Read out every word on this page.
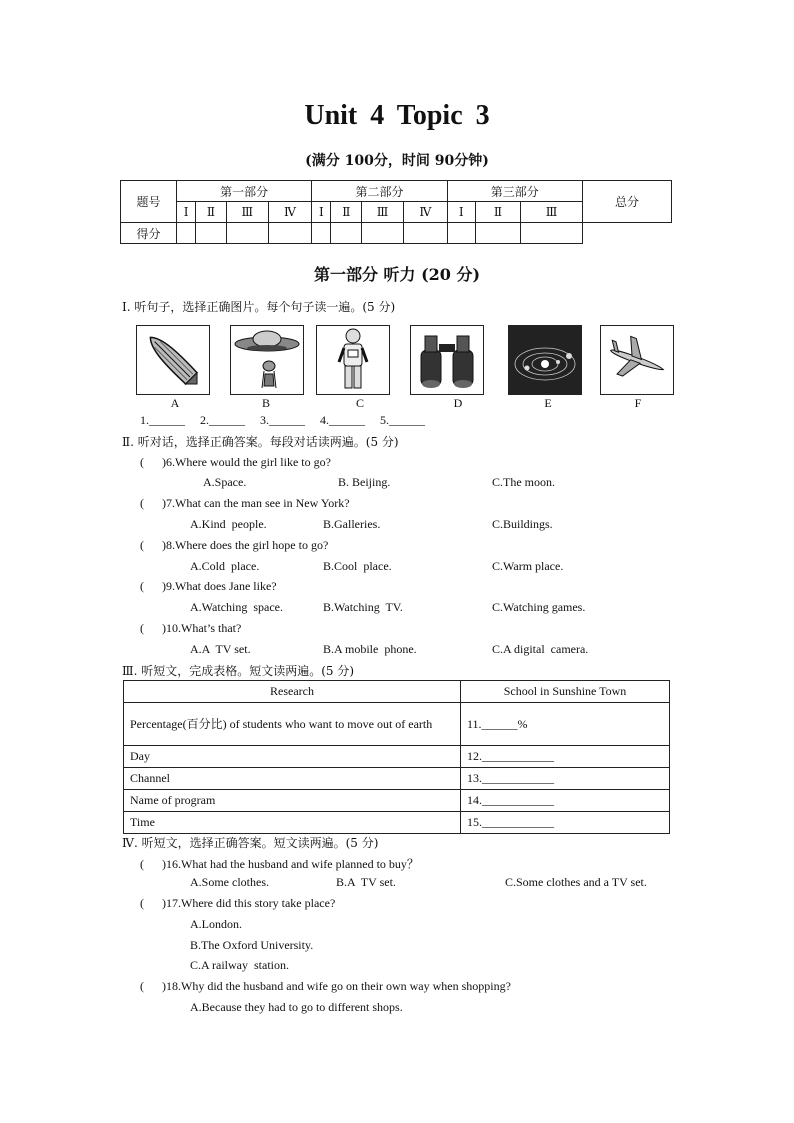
Unit 4 Topic 3
(满分 100分，时间 90分钟)
题号	第一部分				第二部分				第三部分			总分
	Ⅰ	Ⅱ	Ⅲ	Ⅳ	Ⅰ	Ⅱ	Ⅲ	Ⅳ	Ⅰ	Ⅱ	Ⅲ	
得分												
第一部分 听力 (20 分)
Ⅰ. 听句子，选择正确图片。每个句子读一遍。(5 分)
A	B	C	D	E	F
1.______     2.______     3.______     4.______     5.______
Ⅱ. 听对话，选择正确答案。每段对话读两遍。(5 分)
(      )6.Where would the girl like to go?
A.Space.	B. Beijing.	C.The moon.
(      )7.What can the man see in New York?
A.Kind  people.	B.Galleries.	C.Buildings.
(      )8.Where does the girl hope to go?
A.Cold  place.	B.Cool  place.	C.Warm place.
(      )9.What does Jane like?
A.Watching  space.	B.Watching  TV.	C.Watching games.
(      )10.What’s that?
A.A  TV set.	B.A mobile  phone.	C.A digital  camera.
Ⅲ. 听短文，完成表格。短文读两遍。(5 分)
Research	School in Sunshine Town
Percentage(百分比) of students who want to move out of earth	11.______%
Day	12.____________
Channel	13.____________
Name of program	14.____________
Time	15.____________
Ⅳ. 听短文，选择正确答案。短文读两遍。(5 分)
(      )16.What had the husband and wife planned to buy？
A.Some clothes.	B.A  TV set.	C.Some clothes and a TV set.
(      )17.Where did this story take place?
A.London.
B.The Oxford University.
C.A railway  station.
(      )18.Why did the husband and wife go on their own way when shopping?
A.Because they had to go to different shops.
